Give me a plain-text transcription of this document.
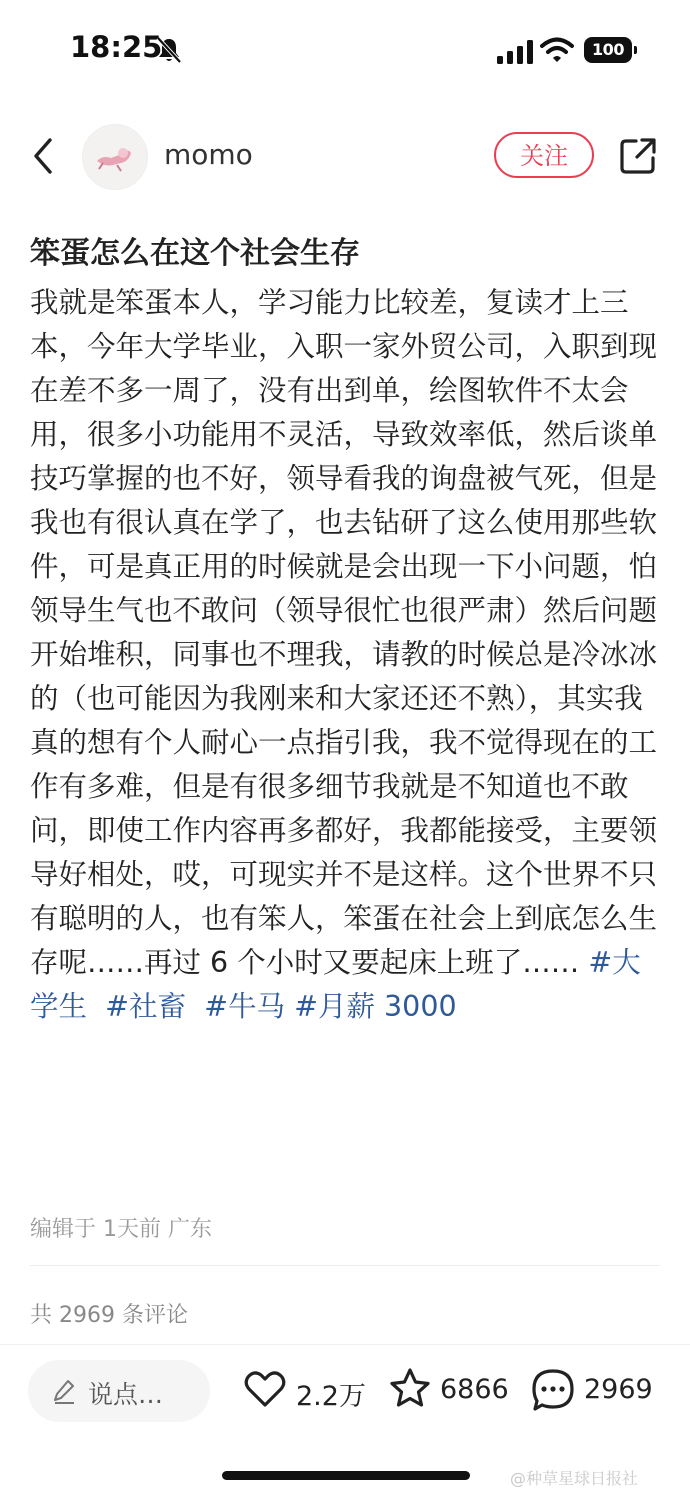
18:25	100
momo	关注
笨蛋怎么在这个社会生存
我就是笨蛋本人，学习能力比较差，复读才上三本，今年大学毕业，入职一家外贸公司，入职到现在差不多一周了，没有出到单，绘图软件不太会用，很多小功能用不灵活，导致效率低，然后谈单技巧掌握的也不好，领导看我的询盘被气死，但是我也有很认真在学了，也去钻研了这么使用那些软件，可是真正用的时候就是会出现一下小问题，怕领导生气也不敢问（领导很忙也很严肃）然后问题开始堆积，同事也不理我，请教的时候总是冷冰冰的（也可能因为我刚来和大家还还不熟），其实我真的想有个人耐心一点指引我，我不觉得现在的工作有多难，但是有很多细节我就是不知道也不敢问，即使工作内容再多都好，我都能接受，主要领导好相处，哎，可现实并不是这样。这个世界不只有聪明的人，也有笨人，笨蛋在社会上到底怎么生存呢……再过 6 个小时又要起床上班了…… #大学生 #社畜 #牛马 #月薪 3000
编辑于 1天前 广东
共 2969 条评论
说点…	2.2万	6866	2969
@种草星球日报社
